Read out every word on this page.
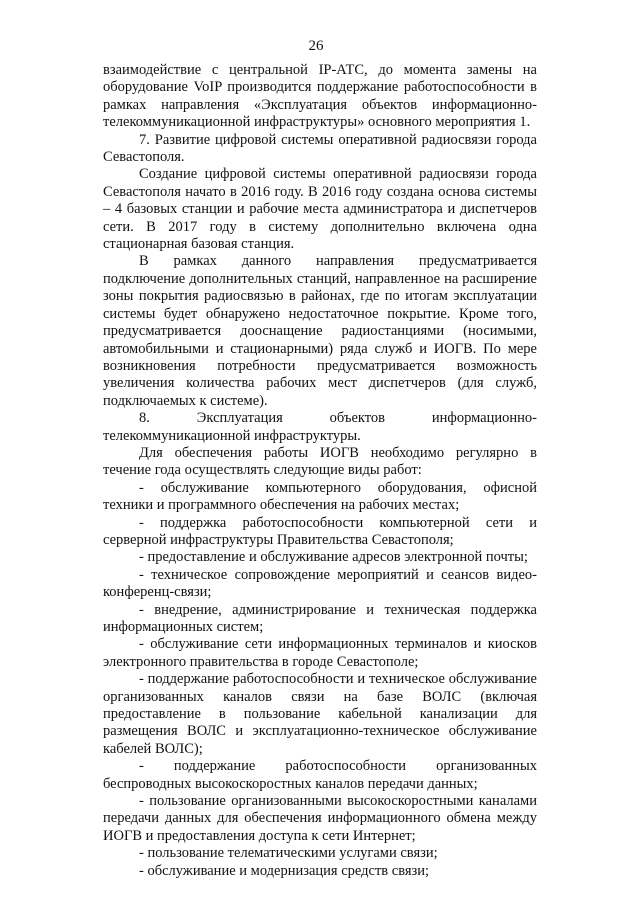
26

взаимодействие с центральной IP-АТС, до момента замены на оборудование VoIP производится поддержание работоспособности в рамках направления «Эксплуатация объектов информационно-телекоммуникационной инфраструктуры» основного мероприятия 1.

7. Развитие цифровой системы оперативной радиосвязи города Севастополя.

Создание цифровой системы оперативной радиосвязи города Севастополя начато в 2016 году. В 2016 году создана основа системы – 4 базовых станции и рабочие места администратора и диспетчеров сети. В 2017 году в систему дополнительно включена одна стационарная базовая станция.

В рамках данного направления предусматривается подключение дополнительных станций, направленное на расширение зоны покрытия радиосвязью в районах, где по итогам эксплуатации системы будет обнаружено недостаточное покрытие. Кроме того, предусматривается дооснащение радиостанциями (носимыми, автомобильными и стационарными) ряда служб и ИОГВ. По мере возникновения потребности предусматривается возможность увеличения количества рабочих мест диспетчеров (для служб, подключаемых к системе).

8. Эксплуатация объектов информационно-телекоммуникационной инфраструктуры.

Для обеспечения работы ИОГВ необходимо регулярно в течение года осуществлять следующие виды работ:

- обслуживание компьютерного оборудования, офисной техники и программного обеспечения на рабочих местах;

- поддержка работоспособности компьютерной сети и серверной инфраструктуры Правительства Севастополя;

- предоставление и обслуживание адресов электронной почты;

- техническое сопровождение мероприятий и сеансов видео-конференц-связи;

- внедрение, администрирование и техническая поддержка информационных систем;

- обслуживание сети информационных терминалов и киосков электронного правительства в городе Севастополе;

- поддержание работоспособности и техническое обслуживание организованных каналов связи на базе ВОЛС (включая предоставление в пользование кабельной канализации для размещения ВОЛС и эксплуатационно-техническое обслуживание кабелей ВОЛС);

- поддержание работоспособности организованных беспроводных высокоскоростных каналов передачи данных;

- пользование организованными высокоскоростными каналами передачи данных для обеспечения информационного обмена между ИОГВ и предоставления доступа к сети Интернет;

- пользование телематическими услугами связи;

- обслуживание и модернизация средств связи;
